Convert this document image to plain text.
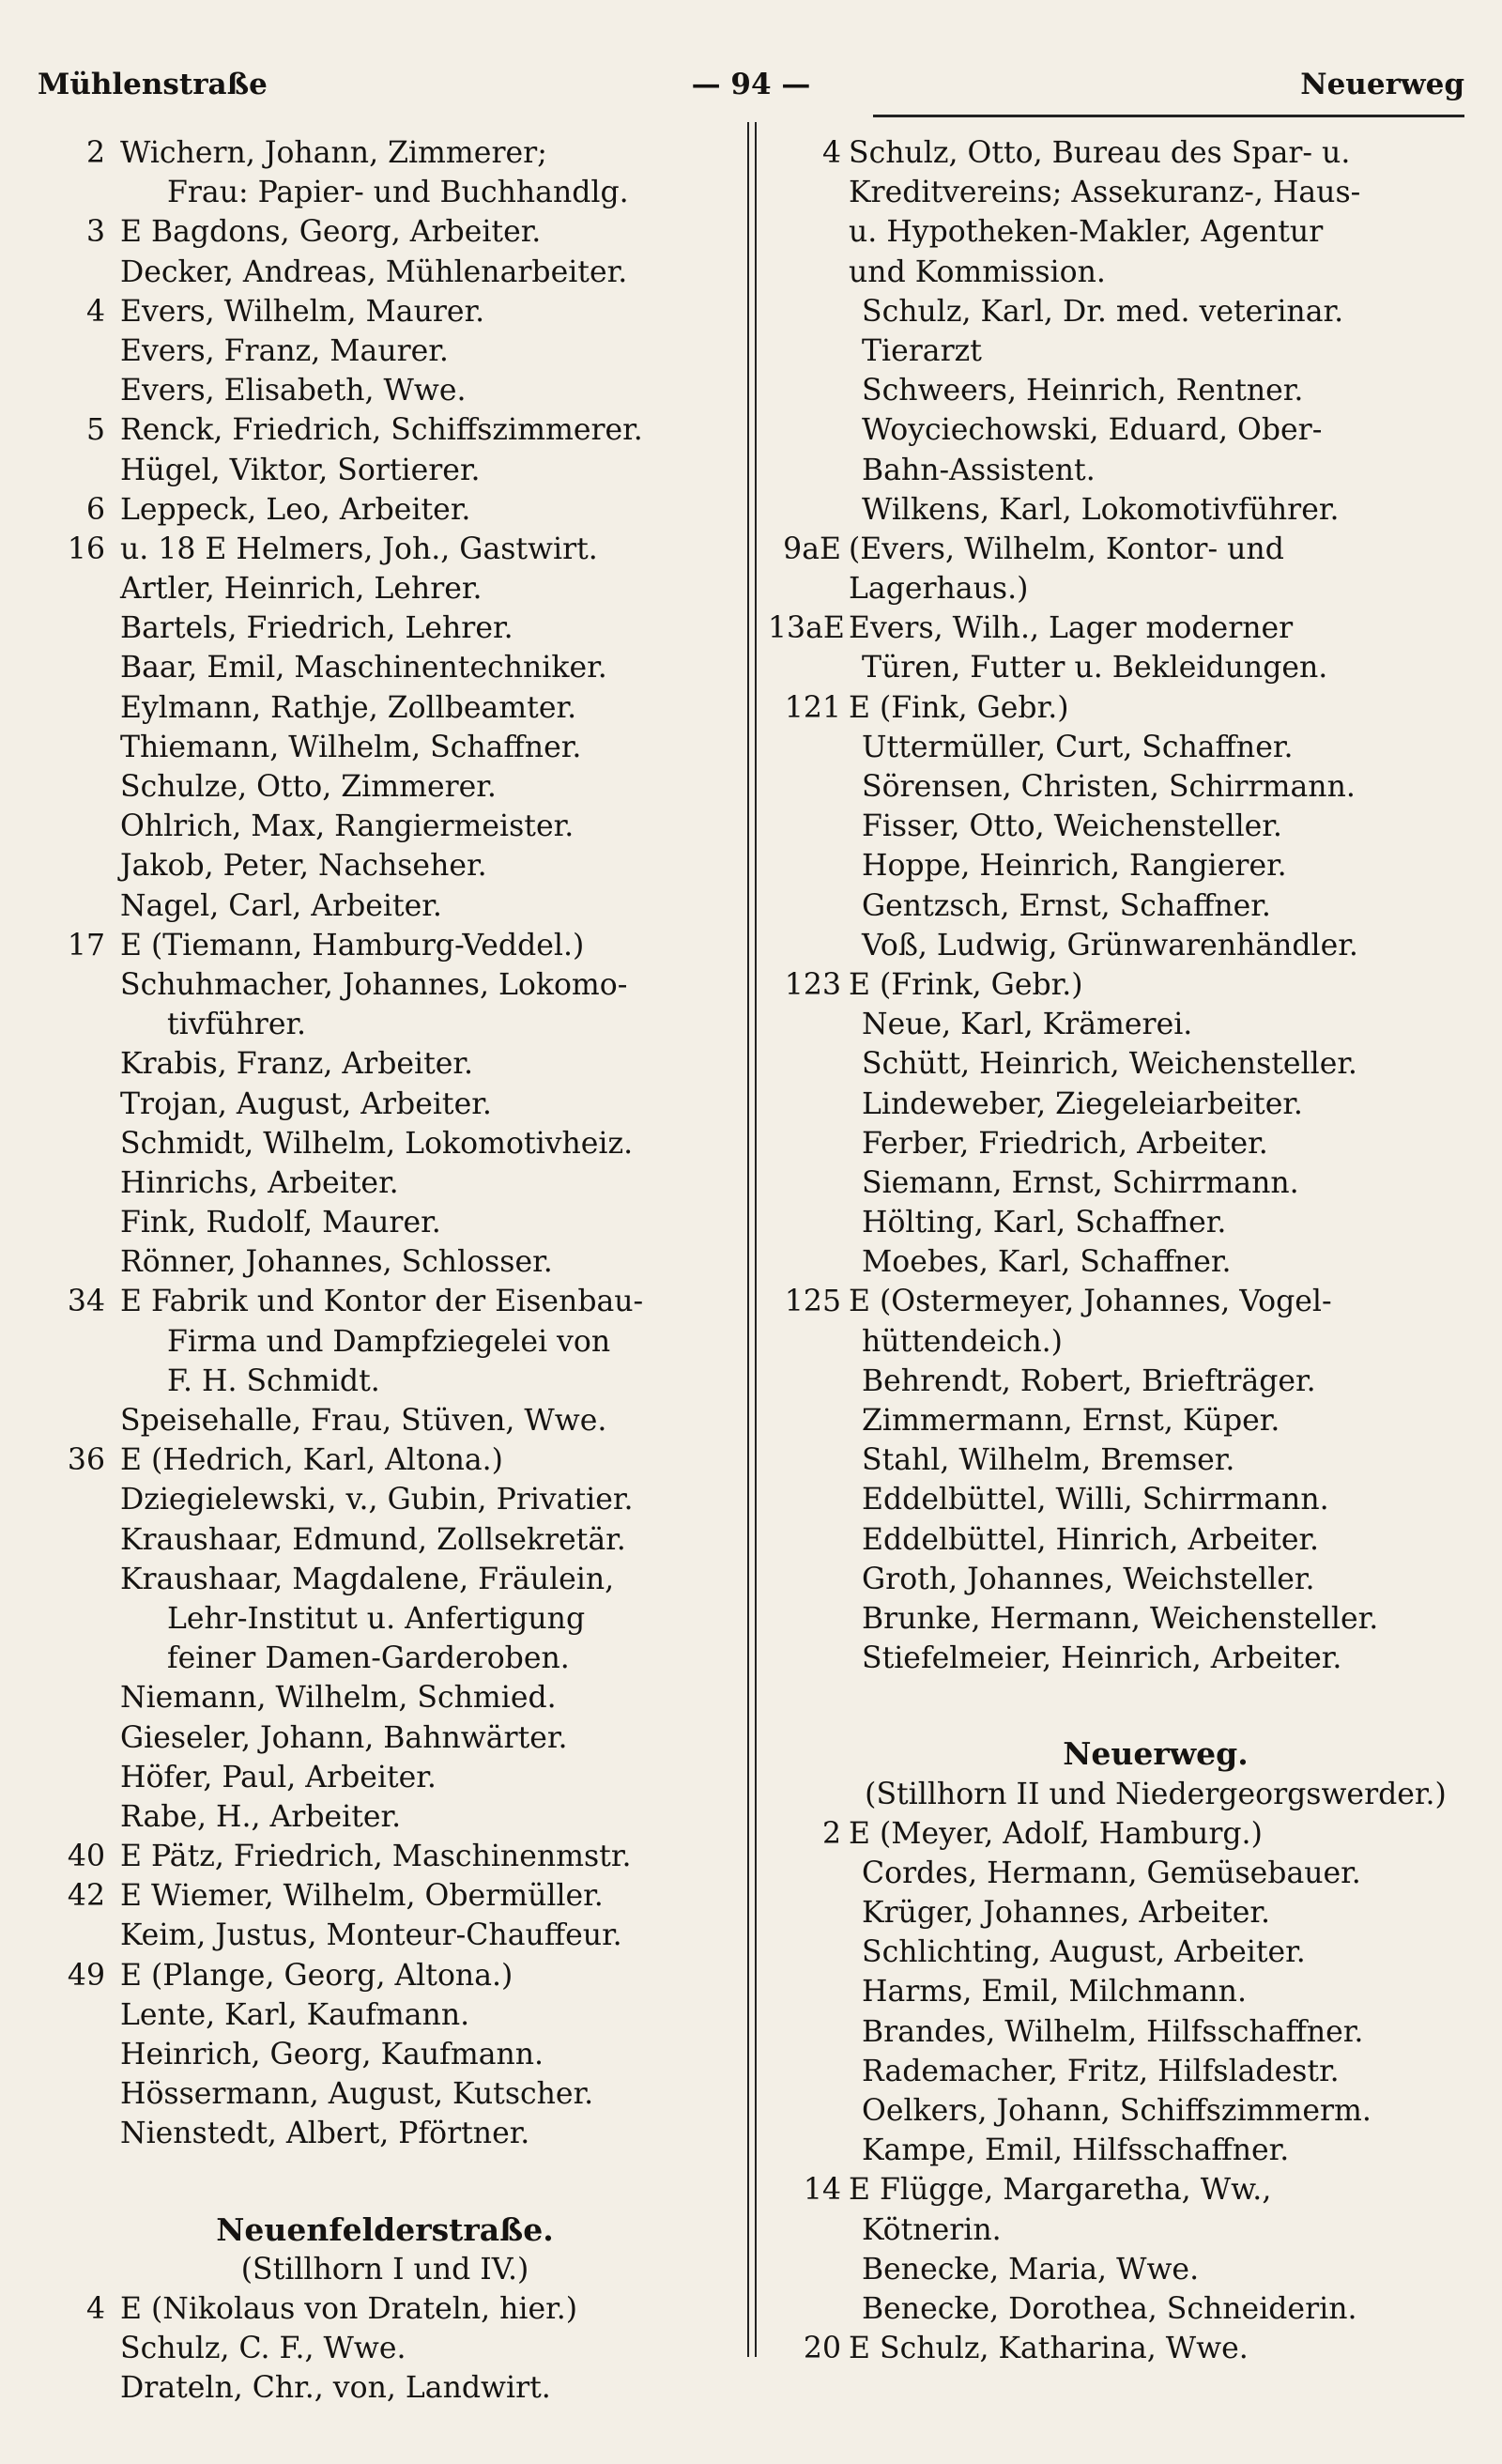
Mühlenstraße	— 94 —	Neuerweg
2 Wichern, Johann, Zimmerer;
Frau: Papier- und Buchhandlg.
3 E Bagdons, Georg, Arbeiter.
Decker, Andreas, Mühlenarbeiter.
4 Evers, Wilhelm, Maurer.
Evers, Franz, Maurer.
Evers, Elisabeth, Wwe.
5 Renck, Friedrich, Schiffszimmerer.
Hügel, Viktor, Sortierer.
6 Leppeck, Leo, Arbeiter.
16 u. 18 E Helmers, Joh., Gastwirt.
Artler, Heinrich, Lehrer.
Bartels, Friedrich, Lehrer.
Baar, Emil, Maschinentechniker.
Eylmann, Rathje, Zollbeamter.
Thiemann, Wilhelm, Schaffner.
Schulze, Otto, Zimmerer.
Ohlrich, Max, Rangiermeister.
Jakob, Peter, Nachseher.
Nagel, Carl, Arbeiter.
17 E (Tiemann, Hamburg-Veddel.)
Schuhmacher, Johannes, Lokomo-
tivführer.
Krabis, Franz, Arbeiter.
Trojan, August, Arbeiter.
Schmidt, Wilhelm, Lokomotivheiz.
Hinrichs, Arbeiter.
Fink, Rudolf, Maurer.
Rönner, Johannes, Schlosser.
34 E Fabrik und Kontor der Eisenbau-
Firma und Dampfziegelei von
F. H. Schmidt.
Speisehalle, Frau, Stüven, Wwe.
36 E (Hedrich, Karl, Altona.)
Dziegielewski, v., Gubin, Privatier.
Kraushaar, Edmund, Zollsekretär.
Kraushaar, Magdalene, Fräulein,
Lehr-Institut u. Anfertigung
feiner Damen-Garderoben.
Niemann, Wilhelm, Schmied.
Gieseler, Johann, Bahnwärter.
Höfer, Paul, Arbeiter.
Rabe, H., Arbeiter.
40 E Pätz, Friedrich, Maschinenmstr.
42 E Wiemer, Wilhelm, Obermüller.
Keim, Justus, Monteur-Chauffeur.
49 E (Plange, Georg, Altona.)
Lente, Karl, Kaufmann.
Heinrich, Georg, Kaufmann.
Hössermann, August, Kutscher.
Nienstedt, Albert, Pförtner.
Neuenfelderstraße.
(Stillhorn I und IV.)
4 E (Nikolaus von Drateln, hier.)
Schulz, C. F., Wwe.
Drateln, Chr., von, Landwirt.
4 Schulz, Otto, Bureau des Spar- u.
Kreditvereins; Assekuranz-, Haus-
u. Hypotheken-Makler, Agentur
und Kommission.
Schulz, Karl, Dr. med. veterinar.
Tierarzt
Schweers, Heinrich, Rentner.
Woyciechowski, Eduard, Ober-
Bahn-Assistent.
Wilkens, Karl, Lokomotivführer.
9aE (Evers, Wilhelm, Kontor- und
Lagerhaus.)
13aE Evers, Wilh., Lager moderner
Türen, Futter u. Bekleidungen.
121 E (Fink, Gebr.)
Uttermüller, Curt, Schaffner.
Sörensen, Christen, Schirrmann.
Fisser, Otto, Weichensteller.
Hoppe, Heinrich, Rangierer.
Gentzsch, Ernst, Schaffner.
Voß, Ludwig, Grünwarenhändler.
123 E (Frink, Gebr.)
Neue, Karl, Krämerei.
Schütt, Heinrich, Weichensteller.
Lindeweber, Ziegeleiarbeiter.
Ferber, Friedrich, Arbeiter.
Siemann, Ernst, Schirrmann.
Hölting, Karl, Schaffner.
Moebes, Karl, Schaffner.
125 E (Ostermeyer, Johannes, Vogel-
hüttendeich.)
Behrendt, Robert, Briefträger.
Zimmermann, Ernst, Küper.
Stahl, Wilhelm, Bremser.
Eddelbüttel, Willi, Schirrmann.
Eddelbüttel, Hinrich, Arbeiter.
Groth, Johannes, Weichsteller.
Brunke, Hermann, Weichensteller.
Stiefelmeier, Heinrich, Arbeiter.
Neuerweg.
(Stillhorn II und Niedergeorgswerder.)
2 E (Meyer, Adolf, Hamburg.)
Cordes, Hermann, Gemüsebauer.
Krüger, Johannes, Arbeiter.
Schlichting, August, Arbeiter.
Harms, Emil, Milchmann.
Brandes, Wilhelm, Hilfsschaffner.
Rademacher, Fritz, Hilfsladestr.
Oelkers, Johann, Schiffszimmerm.
Kampe, Emil, Hilfsschaffner.
14 E Flügge, Margaretha, Ww.,
Kötnerin.
Benecke, Maria, Wwe.
Benecke, Dorothea, Schneiderin.
20 E Schulz, Katharina, Wwe.
